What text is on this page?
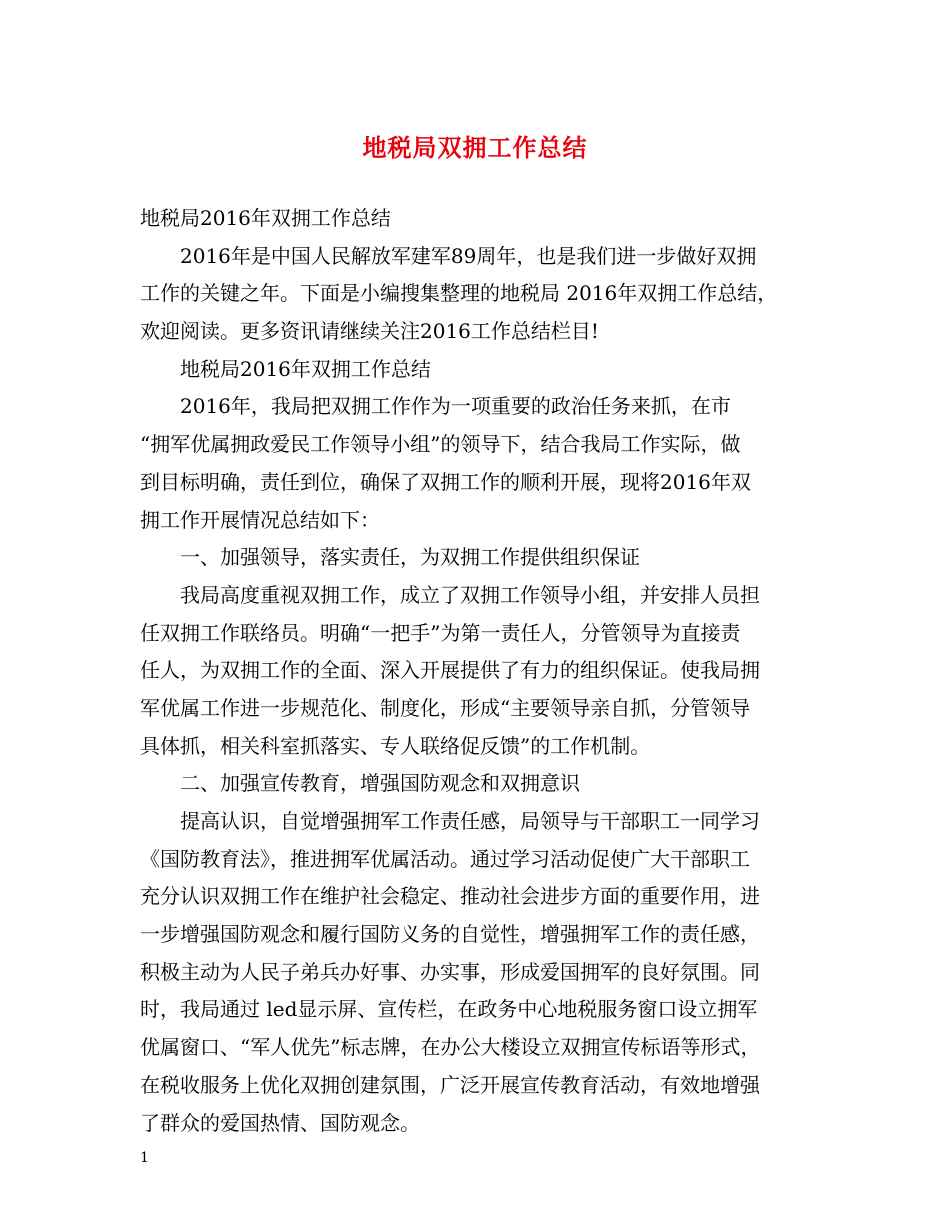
地税局双拥工作总结
地税局2016年双拥工作总结
2016年是中国人民解放军建军89周年，也是我们进一步做好双拥
工作的关键之年。下面是小编搜集整理的地税局 2016年双拥工作总结，
欢迎阅读。更多资讯请继续关注2016工作总结栏目!
地税局2016年双拥工作总结
2016年，我局把双拥工作作为一项重要的政治任务来抓，在市
“拥军优属拥政爱民工作领导小组”的领导下，结合我局工作实际，做
到目标明确，责任到位，确保了双拥工作的顺利开展，现将2016年双
拥工作开展情况总结如下：
一、加强领导，落实责任，为双拥工作提供组织保证
我局高度重视双拥工作，成立了双拥工作领导小组，并安排人员担
任双拥工作联络员。明确“一把手”为第一责任人，分管领导为直接责
任人，为双拥工作的全面、深入开展提供了有力的组织保证。使我局拥
军优属工作进一步规范化、制度化，形成“主要领导亲自抓，分管领导
具体抓，相关科室抓落实、专人联络促反馈”的工作机制。
二、加强宣传教育，增强国防观念和双拥意识
提高认识，自觉增强拥军工作责任感，局领导与干部职工一同学习
《国防教育法》，推进拥军优属活动。通过学习活动促使广大干部职工
充分认识双拥工作在维护社会稳定、推动社会进步方面的重要作用，进
一步增强国防观念和履行国防义务的自觉性，增强拥军工作的责任感，
积极主动为人民子弟兵办好事、办实事，形成爱国拥军的良好氛围。同
时，我局通过 led显示屏、宣传栏，在政务中心地税服务窗口设立拥军
优属窗口、“军人优先”标志牌，在办公大楼设立双拥宣传标语等形式，
在税收服务上优化双拥创建氛围，广泛开展宣传教育活动，有效地增强
了群众的爱国热情、国防观念。
1
